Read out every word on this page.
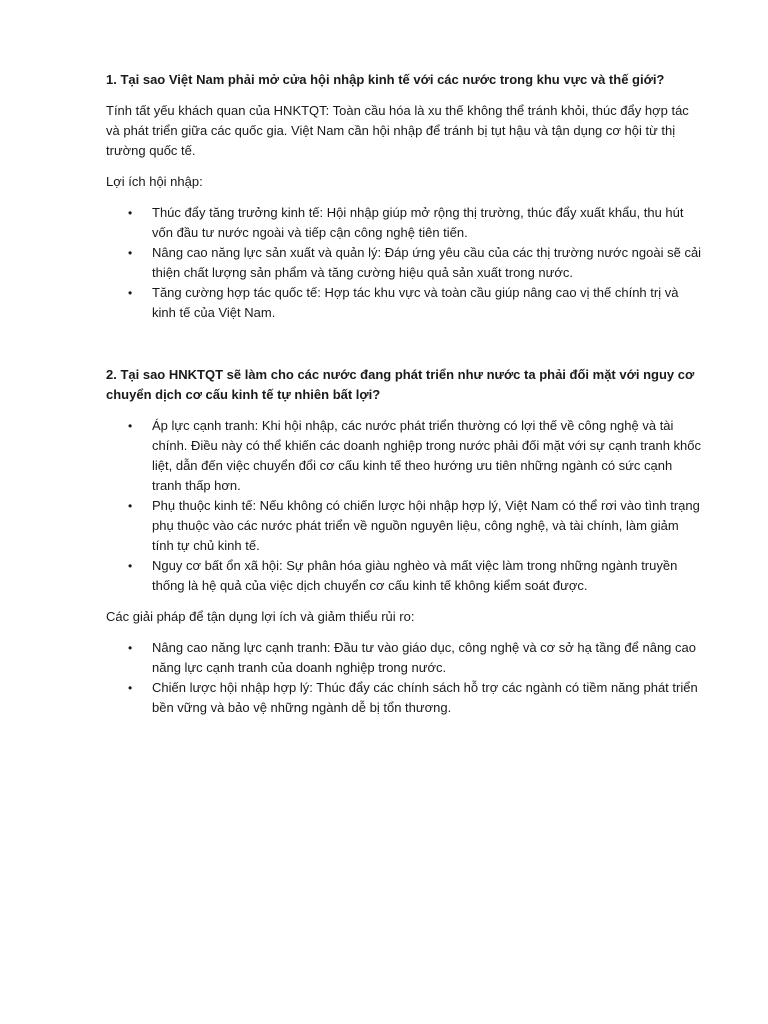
1. Tại sao Việt Nam phải mở cửa hội nhập kinh tế với các nước trong khu vực và thế giới?

Tính tất yếu khách quan của HNKTQT: Toàn cầu hóa là xu thế không thể tránh khỏi, thúc đẩy hợp tác và phát triển giữa các quốc gia. Việt Nam cần hội nhập để tránh bị tụt hậu và tận dụng cơ hội từ thị trường quốc tế.

Lợi ích hội nhập:

• Thúc đẩy tăng trưởng kinh tế: Hội nhập giúp mở rộng thị trường, thúc đẩy xuất khẩu, thu hút vốn đầu tư nước ngoài và tiếp cận công nghệ tiên tiến.
• Nâng cao năng lực sản xuất và quản lý: Đáp ứng yêu cầu của các thị trường nước ngoài sẽ cải thiện chất lượng sản phẩm và tăng cường hiệu quả sản xuất trong nước.
• Tăng cường hợp tác quốc tế: Hợp tác khu vực và toàn cầu giúp nâng cao vị thế chính trị và kinh tế của Việt Nam.

2. Tại sao HNKTQT sẽ làm cho các nước đang phát triển như nước ta phải đối mặt với nguy cơ chuyển dịch cơ cấu kinh tế tự nhiên bất lợi?

• Áp lực cạnh tranh: Khi hội nhập, các nước phát triển thường có lợi thế về công nghệ và tài chính. Điều này có thể khiến các doanh nghiệp trong nước phải đối mặt với sự cạnh tranh khốc liệt, dẫn đến việc chuyển đổi cơ cấu kinh tế theo hướng ưu tiên những ngành có sức cạnh tranh thấp hơn.
• Phụ thuộc kinh tế: Nếu không có chiến lược hội nhập hợp lý, Việt Nam có thể rơi vào tình trạng phụ thuộc vào các nước phát triển về nguồn nguyên liệu, công nghệ, và tài chính, làm giảm tính tự chủ kinh tế.
• Nguy cơ bất ổn xã hội: Sự phân hóa giàu nghèo và mất việc làm trong những ngành truyền thống là hệ quả của việc dịch chuyển cơ cấu kinh tế không kiểm soát được.

Các giải pháp để tận dụng lợi ích và giảm thiểu rủi ro:

• Nâng cao năng lực cạnh tranh: Đầu tư vào giáo dục, công nghệ và cơ sở hạ tầng để nâng cao năng lực cạnh tranh của doanh nghiệp trong nước.
• Chiến lược hội nhập hợp lý: Thúc đẩy các chính sách hỗ trợ các ngành có tiềm năng phát triển bền vững và bảo vệ những ngành dễ bị tổn thương.
